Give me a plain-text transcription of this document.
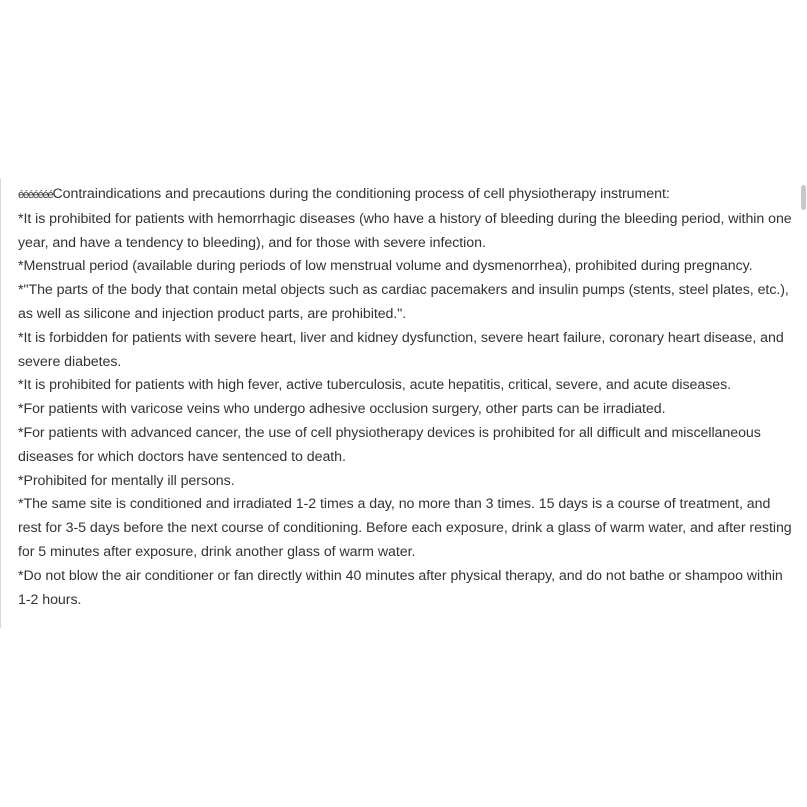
éééééééContraindications and precautions during the conditioning process of cell physiotherapy instrument:

*It is prohibited for patients with hemorrhagic diseases (who have a history of bleeding during the bleeding period, within one year, and have a tendency to bleeding), and for those with severe infection.

*Menstrual period (available during periods of low menstrual volume and dysmenorrhea), prohibited during pregnancy.

*"The parts of the body that contain metal objects such as cardiac pacemakers and insulin pumps (stents, steel plates, etc.), as well as silicone and injection product parts, are prohibited.".

*It is forbidden for patients with severe heart, liver and kidney dysfunction, severe heart failure, coronary heart disease, and severe diabetes.

*It is prohibited for patients with high fever, active tuberculosis, acute hepatitis, critical, severe, and acute diseases.

*For patients with varicose veins who undergo adhesive occlusion surgery, other parts can be irradiated.

*For patients with advanced cancer, the use of cell physiotherapy devices is prohibited for all difficult and miscellaneous diseases for which doctors have sentenced to death.

*Prohibited for mentally ill persons.

*The same site is conditioned and irradiated 1-2 times a day, no more than 3 times. 15 days is a course of treatment, and rest for 3-5 days before the next course of conditioning. Before each exposure, drink a glass of warm water, and after resting for 5 minutes after exposure, drink another glass of warm water.

*Do not blow the air conditioner or fan directly within 40 minutes after physical therapy, and do not bathe or shampoo within 1-2 hours.
